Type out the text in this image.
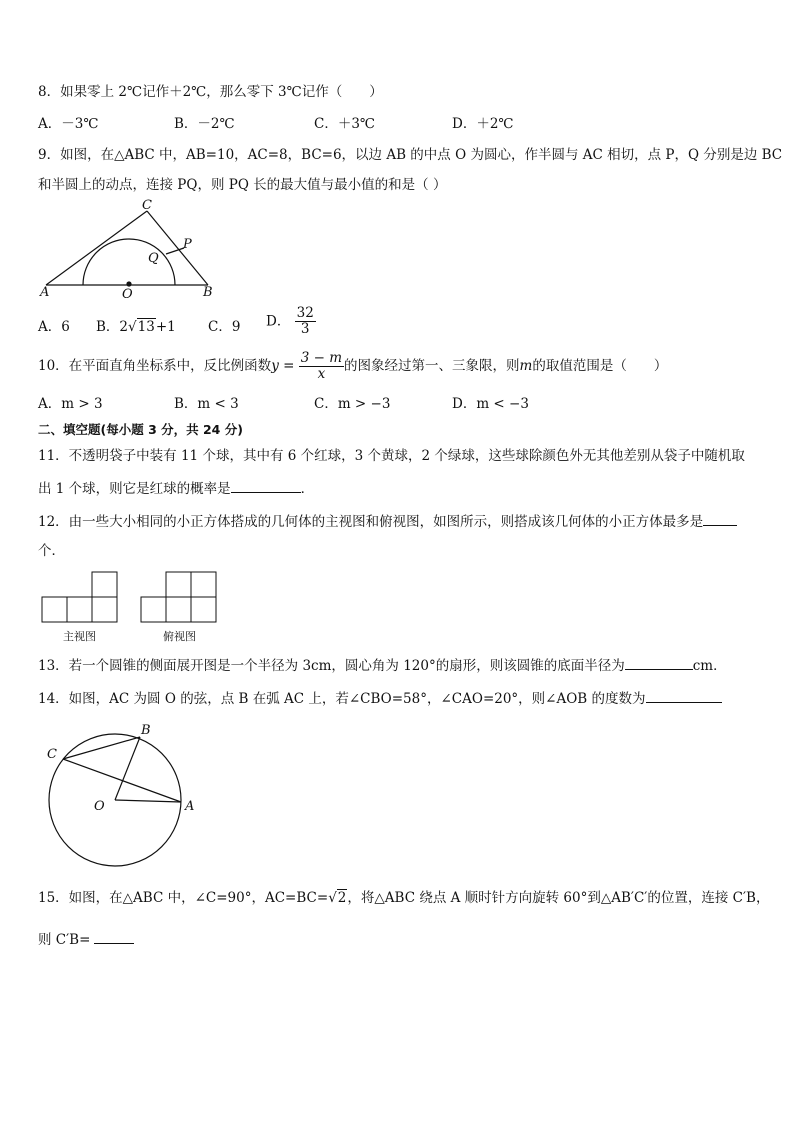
8．如果零上 2℃记作＋2℃，那么零下 3℃记作（　　）
A．－3℃	B．－2℃	C．＋3℃	D．＋2℃
9．如图，在△ABC 中，AB=10，AC=8，BC=6，以边 AB 的中点 O 为圆心，作半圆与 AC 相切，点 P，Q 分别是边 BC
和半圆上的动点，连接 PQ，则 PQ 长的最大值与最小值的和是（ ）
C
P
Q
A	O	B
A．6 B．2√13+1 C．9 D． $\frac{32}{3}$
10．在平面直角坐标系中，反比例函数$y = \frac{3 - m}{x}$ 的图象经过第一、三象限，则m的取值范围是（　　）
A．m > 3	B．m < 3	C．m > −3	D．m < −3
二、填空题(每小题 3 分，共 24 分)
11．不透明袋子中装有 11 个球，其中有 6 个红球，3 个黄球，2 个绿球，这些球除颜色外无其他差别从袋子中随机取
出 1 个球，则它是红球的概率是	．
12．由一些大小相同的小正方体搭成的几何体的主视图和俯视图，如图所示，则搭成该几何体的小正方体最多是
个．
主视图	俯视图
13．若一个圆锥的侧面展开图是一个半径为 3cm，圆心角为 120°的扇形，则该圆锥的底面半径为	cm．
14．如图，AC 为圆 O 的弦，点 B 在弧 AC 上，若∠CBO=58°，∠CAO=20°，则∠AOB 的度数为
C
B
O	A
15．如图，在△ABC 中，∠C=90°，AC=BC=√2，将△ABC 绕点 A 顺时针方向旋转 60°到△AB′C′的位置，连接 C′B，
则 C′B=
